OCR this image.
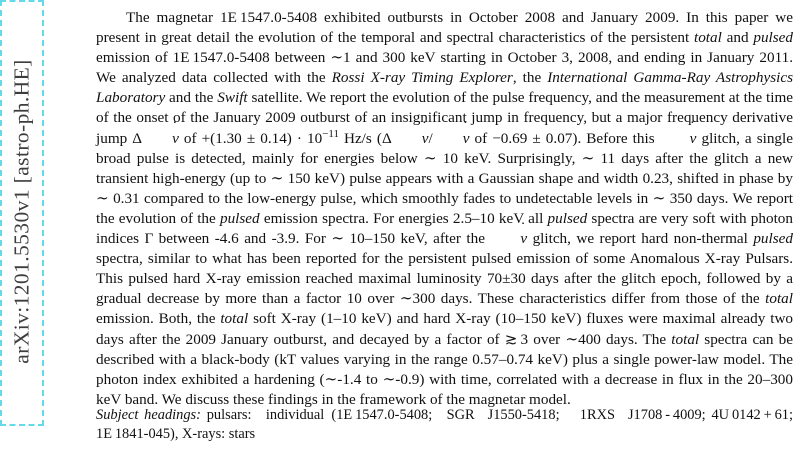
arXiv:1201.5530v1 [astro-ph.HE]

The magnetar 1E 1547.0-5408 exhibited outbursts in October 2008 and January 2009. In this paper we present in great detail the evolution of the temporal and spectral characteristics of the persistent total and pulsed emission of 1E 1547.0-5408 between ∼1 and 300 keV starting in October 3, 2008, and ending in January 2011. We analyzed data collected with the Rossi X-ray Timing Explorer, the International Gamma-Ray Astrophysics Laboratory and the Swift satellite. We report the evolution of the pulse frequency, and the measurement at the time of the onset of the January 2009 outburst of an insignificant jump in frequency, but a major frequency derivative jump Δ ν ˙ of $+(1.30 \pm 0.14) \cdot 10^{-11}$ Hz/s (Δ ν ˙/ ν ˙ of −0.69 ± 0.07). Before this ν ˙ glitch, a single broad pulse is detected, mainly for energies below ∼ 10 keV. Surprisingly, ∼ 11 days after the glitch a new transient high-energy (up to ∼ 150 keV) pulse appears with a Gaussian shape and width 0.23, shifted in phase by ∼ 0.31 compared to the low-energy pulse, which smoothly fades to undetectable levels in ∼ 350 days. We report the evolution of the pulsed emission spectra. For energies 2.5–10 keV all pulsed spectra are very soft with photon indices Γ between -4.6 and -3.9. For ∼ 10–150 keV, after the ν ˙ glitch, we report hard non-thermal pulsed spectra, similar to what has been reported for the persistent pulsed emission of some Anomalous X-ray Pulsars. This pulsed hard X-ray emission reached maximal luminosity 70±30 days after the glitch epoch, followed by a gradual decrease by more than a factor 10 over ∼300 days. These characteristics differ from those of the total emission. Both, the total soft X-ray (1–10 keV) and hard X-ray (10–150 keV) fluxes were maximal already two days after the 2009 January outburst, and decayed by a factor of ≳ 3 over ∼400 days. The total spectra can be described with a black-body (kT values varying in the range 0.57–0.74 keV) plus a single power-law model. The photon index exhibited a hardening (∼-1.4 to ∼-0.9) with time, correlated with a decrease in flux in the 20–300 keV band. We discuss these findings in the framework of the magnetar model.

Subject headings: pulsars: individual (1E 1547.0-5408; SGR  J1550-5418;  1RXS  J1708 - 4009; 4U 0142 + 61; 1E 1841-045), X-rays: stars
